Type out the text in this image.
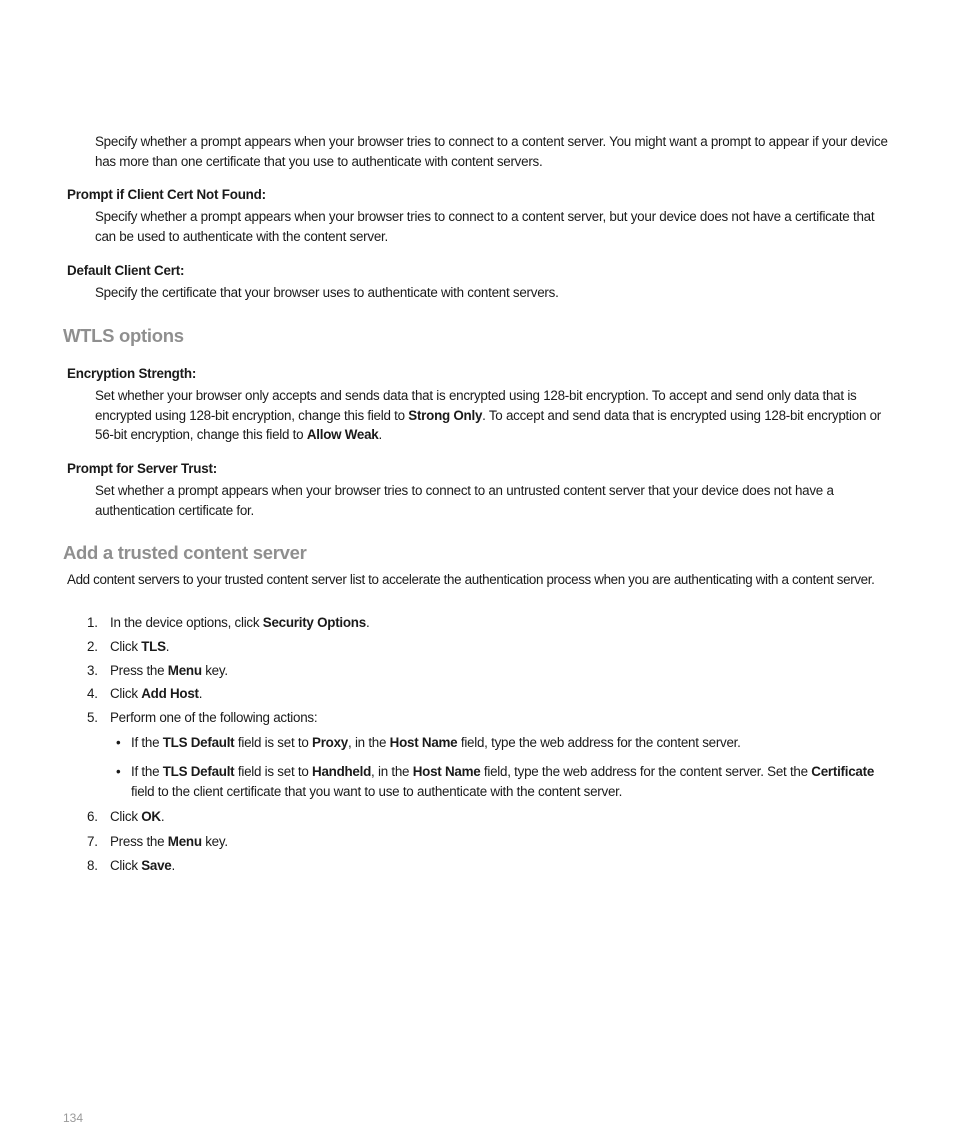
Specify whether a prompt appears when your browser tries to connect to a content server. You might want a prompt to appear if your device has more than one certificate that you use to authenticate with content servers.
Prompt if Client Cert Not Found:
Specify whether a prompt appears when your browser tries to connect to a content server, but your device does not have a certificate that can be used to authenticate with the content server.
Default Client Cert:
Specify the certificate that your browser uses to authenticate with content servers.
WTLS options
Encryption Strength:
Set whether your browser only accepts and sends data that is encrypted using 128-bit encryption. To accept and send only data that is encrypted using 128-bit encryption, change this field to Strong Only. To accept and send data that is encrypted using 128-bit encryption or 56-bit encryption, change this field to Allow Weak.
Prompt for Server Trust:
Set whether a prompt appears when your browser tries to connect to an untrusted content server that your device does not have a authentication certificate for.
Add a trusted content server
Add content servers to your trusted content server list to accelerate the authentication process when you are authenticating with a content server.
1. In the device options, click Security Options.
2. Click TLS.
3. Press the Menu key.
4. Click Add Host.
5. Perform one of the following actions:
• If the TLS Default field is set to Proxy, in the Host Name field, type the web address for the content server.
• If the TLS Default field is set to Handheld, in the Host Name field, type the web address for the content server. Set the Certificate field to the client certificate that you want to use to authenticate with the content server.
6. Click OK.
7. Press the Menu key.
8. Click Save.
134
